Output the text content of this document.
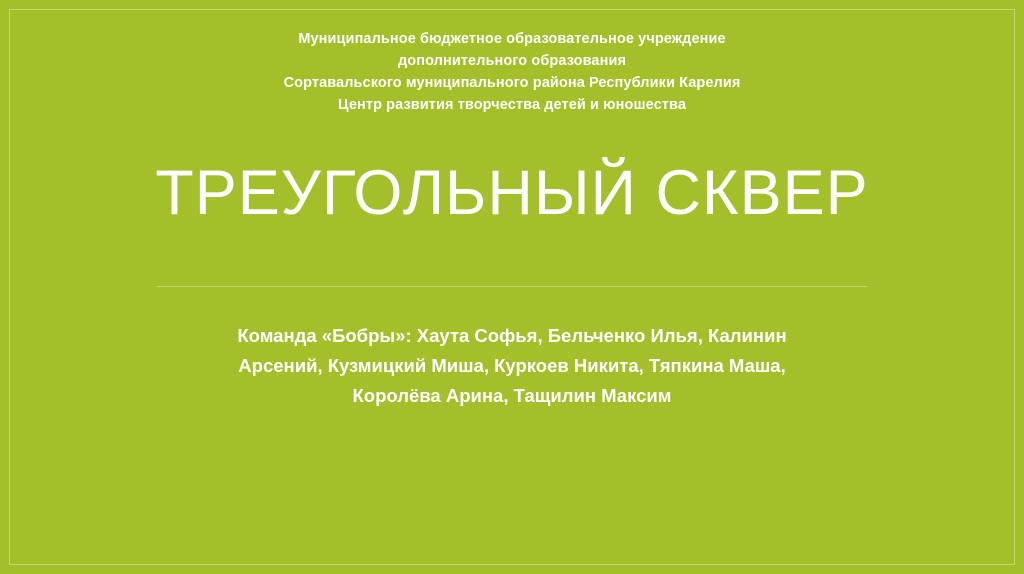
Муниципальное бюджетное образовательное учреждение
дополнительного образования
Сортавальского муниципального района Республики Карелия
Центр развития творчества детей и юношества
ТРЕУГОЛЬНЫЙ СКВЕР
Команда «Бобры»: Хаута Софья, Бельченко Илья, Калинин
Арсений, Кузмицкий Миша, Куркоев Никита, Тяпкина Маша,
Королёва Арина, Тащилин Максим
